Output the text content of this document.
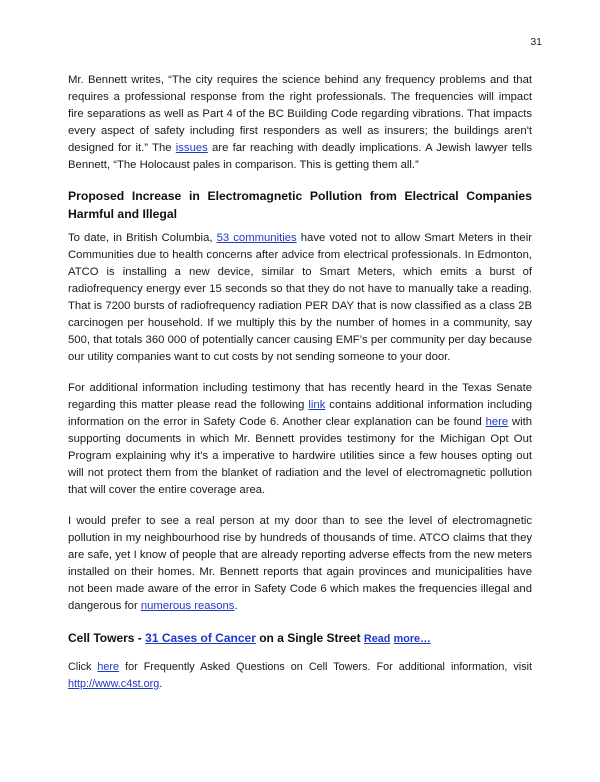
31

Mr. Bennett writes, “The city requires the science behind any frequency problems and that requires a professional response from the right professionals. The frequencies will impact fire separations as well as Part 4 of the BC Building Code regarding vibrations. That impacts every aspect of safety including first responders as well as insurers; the buildings aren't designed for it.” The issues are far reaching with deadly implications. A Jewish lawyer tells Bennett, “The Holocaust pales in comparison. This is getting them all.”

Proposed Increase in Electromagnetic Pollution from Electrical Companies Harmful and Illegal

To date, in British Columbia, 53 communities have voted not to allow Smart Meters in their Communities due to health concerns after advice from electrical professionals. In Edmonton, ATCO is installing a new device, similar to Smart Meters, which emits a burst of radiofrequency energy ever 15 seconds so that they do not have to manually take a reading. That is 7200 bursts of radiofrequency radiation PER DAY that is now classified as a class 2B carcinogen per household. If we multiply this by the number of homes in a community, say 500, that totals 360 000 of potentially cancer causing EMF’s per community per day because our utility companies want to cut costs by not sending someone to your door.

For additional information including testimony that has recently heard in the Texas Senate regarding this matter please read the following link contains additional information including information on the error in Safety Code 6. Another clear explanation can be found here with supporting documents in which Mr. Bennett provides testimony for the Michigan Opt Out Program explaining why it’s a imperative to hardwire utilities since a few houses opting out will not protect them from the blanket of radiation and the level of electromagnetic pollution that will cover the entire coverage area.

I would prefer to see a real person at my door than to see the level of electromagnetic pollution in my neighbourhood rise by hundreds of thousands of time. ATCO claims that they are safe, yet I know of people that are already reporting adverse effects from the new meters installed on their homes. Mr. Bennett reports that again provinces and municipalities have not been made aware of the error in Safety Code 6 which makes the frequencies illegal and dangerous for numerous reasons.

Cell Towers - 31 Cases of Cancer on a Single Street Read more…

Click here for Frequently Asked Questions on Cell Towers. For additional information, visit http://www.c4st.org.
